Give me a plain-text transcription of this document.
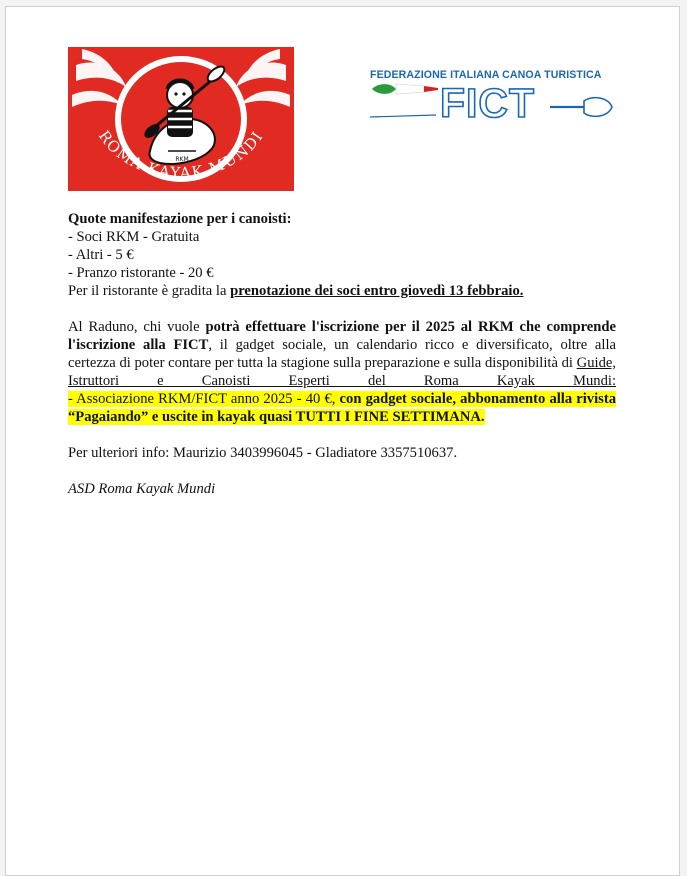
ROMA KAYAK MUNDI
RKM
FEDERAZIONE ITALIANA CANOA TURISTICA
FICT

Quote manifestazione per i canoisti:

- Soci RKM - Gratuita

- Altri - 5 €

- Pranzo ristorante - 20 €

Per il ristorante è gradita la prenotazione dei soci entro giovedì 13 febbraio.

Al Raduno, chi vuole potrà effettuare l'iscrizione per il 2025 al RKM che comprende l'iscrizione alla FICT, il gadget sociale, un calendario ricco e diversificato, oltre alla certezza di poter contare per tutta la stagione sulla preparazione e sulla disponibilità di Guide, Istruttori e Canoisti Esperti del Roma Kayak Mundi:

- Associazione RKM/FICT anno 2025 - 40 €, con gadget sociale, abbonamento alla rivista “Pagaiando” e uscite in kayak quasi TUTTI I FINE SETTIMANA.

Per ulteriori info: Maurizio 3403996045 - Gladiatore 3357510637.

ASD Roma Kayak Mundi
